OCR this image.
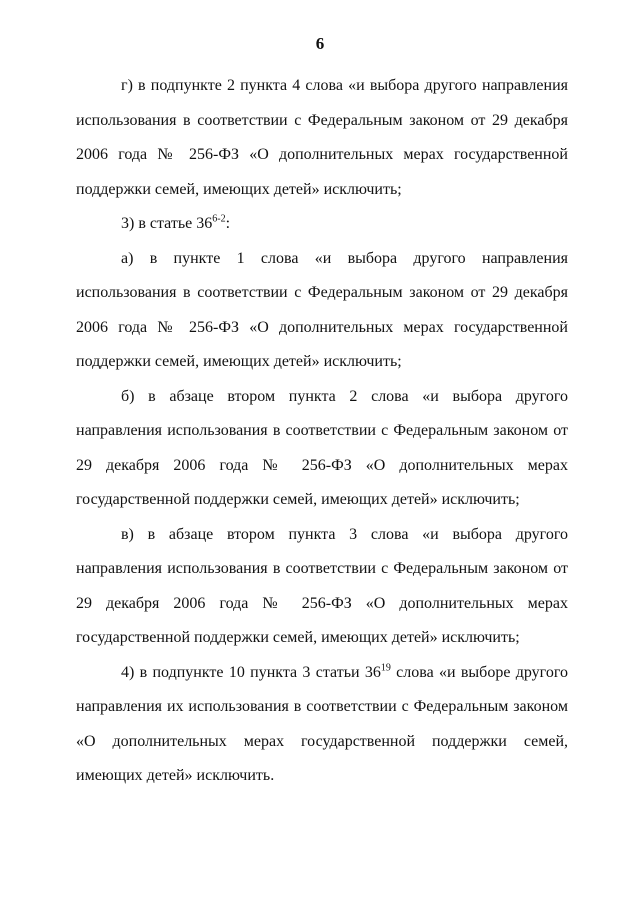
6

г) в подпункте 2 пункта 4 слова «и выбора другого направления использования в соответствии с Федеральным законом от 29 декабря 2006 года № 256-ФЗ «О дополнительных мерах государственной поддержки семей, имеющих детей» исключить;

3) в статье 36$^{6-2}$:

а) в пункте 1 слова «и выбора другого направления использования в соответствии с Федеральным законом от 29 декабря 2006 года № 256-ФЗ «О дополнительных мерах государственной поддержки семей, имеющих детей» исключить;

б) в абзаце втором пункта 2 слова «и выбора другого направления использования в соответствии с Федеральным законом от 29 декабря 2006 года № 256-ФЗ «О дополнительных мерах государственной поддержки семей, имеющих детей» исключить;

в) в абзаце втором пункта 3 слова «и выбора другого направления использования в соответствии с Федеральным законом от 29 декабря 2006 года № 256-ФЗ «О дополнительных мерах государственной поддержки семей, имеющих детей» исключить;

4) в подпункте 10 пункта 3 статьи $36^{19}$ слова «и выборе другого направления их использования в соответствии с Федеральным законом «О дополнительных мерах государственной поддержки семей, имеющих детей» исключить.
